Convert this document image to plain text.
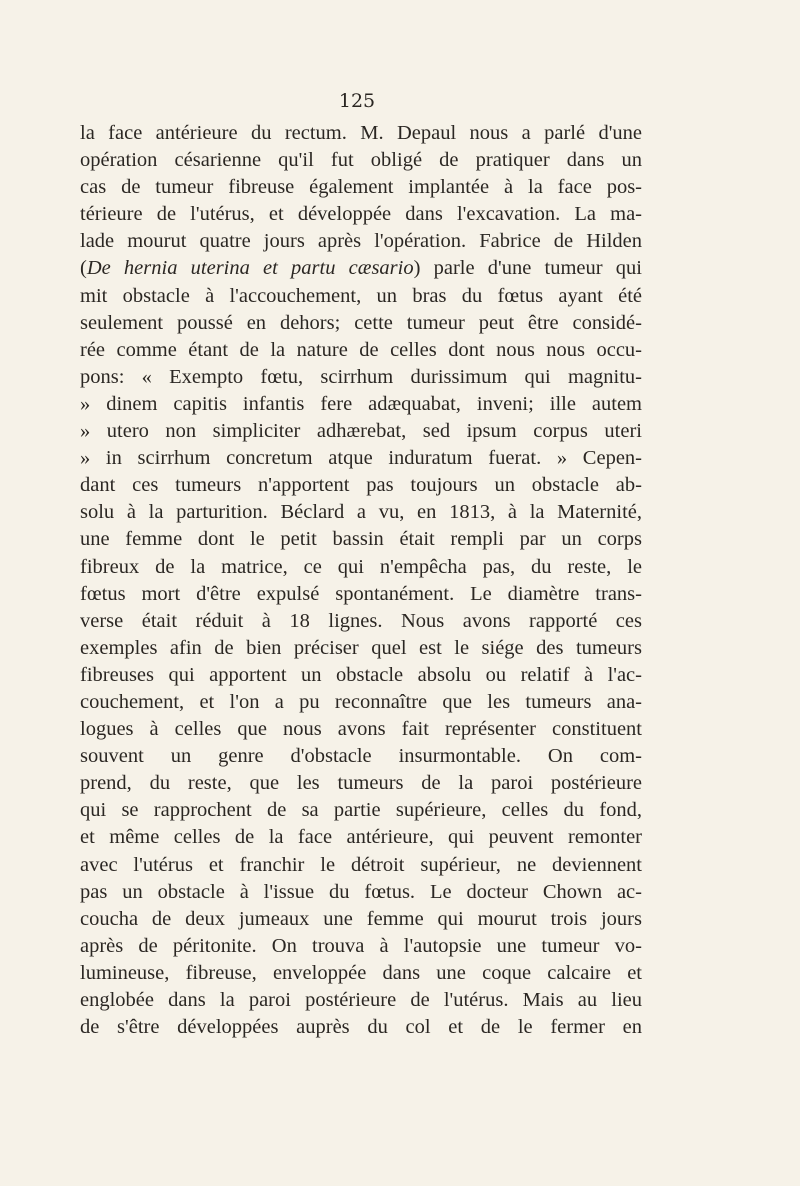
125
la face antérieure du rectum. M. Depaul nous a parlé d'une
opération césarienne qu'il fut obligé de pratiquer dans un
cas de tumeur fibreuse également implantée à la face pos-
térieure de l'utérus, et développée dans l'excavation. La ma-
lade mourut quatre jours après l'opération. Fabrice de Hilden
(De hernia uterina et partu cæsario) parle d'une tumeur qui
mit obstacle à l'accouchement, un bras du fœtus ayant été
seulement poussé en dehors; cette tumeur peut être considé-
rée comme étant de la nature de celles dont nous nous occu-
pons: « Exempto fœtu, scirrhum durissimum qui magnitu-
» dinem capitis infantis fere adæquabat, inveni; ille autem
» utero non simpliciter adhærebat, sed ipsum corpus uteri
» in scirrhum concretum atque induratum fuerat. » Cepen-
dant ces tumeurs n'apportent pas toujours un obstacle ab-
solu à la parturition. Béclard a vu, en 1813, à la Maternité,
une femme dont le petit bassin était rempli par un corps
fibreux de la matrice, ce qui n'empêcha pas, du reste, le
fœtus mort d'être expulsé spontanément. Le diamètre trans-
verse était réduit à 18 lignes. Nous avons rapporté ces
exemples afin de bien préciser quel est le siége des tumeurs
fibreuses qui apportent un obstacle absolu ou relatif à l'ac-
couchement, et l'on a pu reconnaître que les tumeurs ana-
logues à celles que nous avons fait représenter constituent
souvent un genre d'obstacle insurmontable. On com-
prend, du reste, que les tumeurs de la paroi postérieure
qui se rapprochent de sa partie supérieure, celles du fond,
et même celles de la face antérieure, qui peuvent remonter
avec l'utérus et franchir le détroit supérieur, ne deviennent
pas un obstacle à l'issue du fœtus. Le docteur Chown ac-
coucha de deux jumeaux une femme qui mourut trois jours
après de péritonite. On trouva à l'autopsie une tumeur vo-
lumineuse, fibreuse, enveloppée dans une coque calcaire et
englobée dans la paroi postérieure de l'utérus. Mais au lieu
de s'être développées auprès du col et de le fermer en
